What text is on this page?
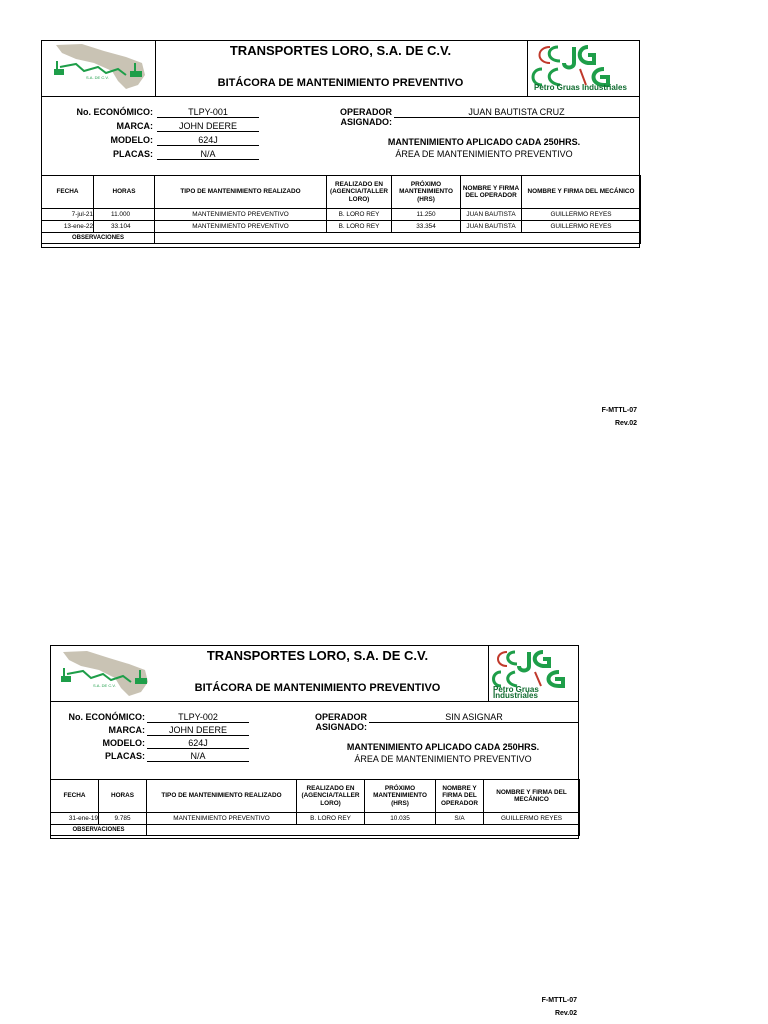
S.A. DE C.V.
TRANSPORTES LORO, S.A. DE C.V.
BITÁCORA DE MANTENIMIENTO PREVENTIVO	Petro Gruas Industriales
No. ECONÓMICO:	TLPY-001
MARCA:	JOHN DEERE
MODELO:	624J
PLACAS:	N/A
OPERADOR ASIGNADO:
JUAN BAUTISTA CRUZ
MANTENIMIENTO APLICADO CADA 250HRS.
ÁREA DE MANTENIMIENTO PREVENTIVO
FECHA	HORAS	TIPO DE MANTENIMIENTO REALIZADO	REALIZADO EN (AGENCIA/TALLER LORO)	PRÓXIMO MANTENIMIENTO (HRS)	NOMBRE Y FIRMA DEL OPERADOR	NOMBRE Y FIRMA DEL MECÁNICO
7-jul-21	11.000	MANTENIMIENTO PREVENTIVO	B. LORO REY	11.250	JUAN BAUTISTA	GUILLERMO REYES
13-ene-22	33.104	MANTENIMIENTO PREVENTIVO	B. LORO REY	33.354	JUAN BAUTISTA	GUILLERMO REYES
OBSERVACIONES						
F-MTTL-07
Rev.02
S.A. DE C.V.
TRANSPORTES LORO, S.A. DE C.V.
BITÁCORA DE MANTENIMIENTO PREVENTIVO	Petro Gruas Industriales
No. ECONÓMICO:	TLPY-002
MARCA:	JOHN DEERE
MODELO:	624J
PLACAS:	N/A
OPERADOR ASIGNADO:
SIN ASIGNAR
MANTENIMIENTO APLICADO CADA 250HRS.
ÁREA DE MANTENIMIENTO PREVENTIVO
FECHA	HORAS	TIPO DE MANTENIMIENTO REALIZADO	REALIZADO EN (AGENCIA/TALLER LORO)	PRÓXIMO MANTENIMIENTO (HRS)	NOMBRE Y FIRMA DEL OPERADOR	NOMBRE Y FIRMA DEL MECÁNICO
31-ene-19	9.785	MANTENIMIENTO PREVENTIVO	B. LORO REY	10.035	S/A	GUILLERMO REYES
OBSERVACIONES						
F-MTTL-07
Rev.02
